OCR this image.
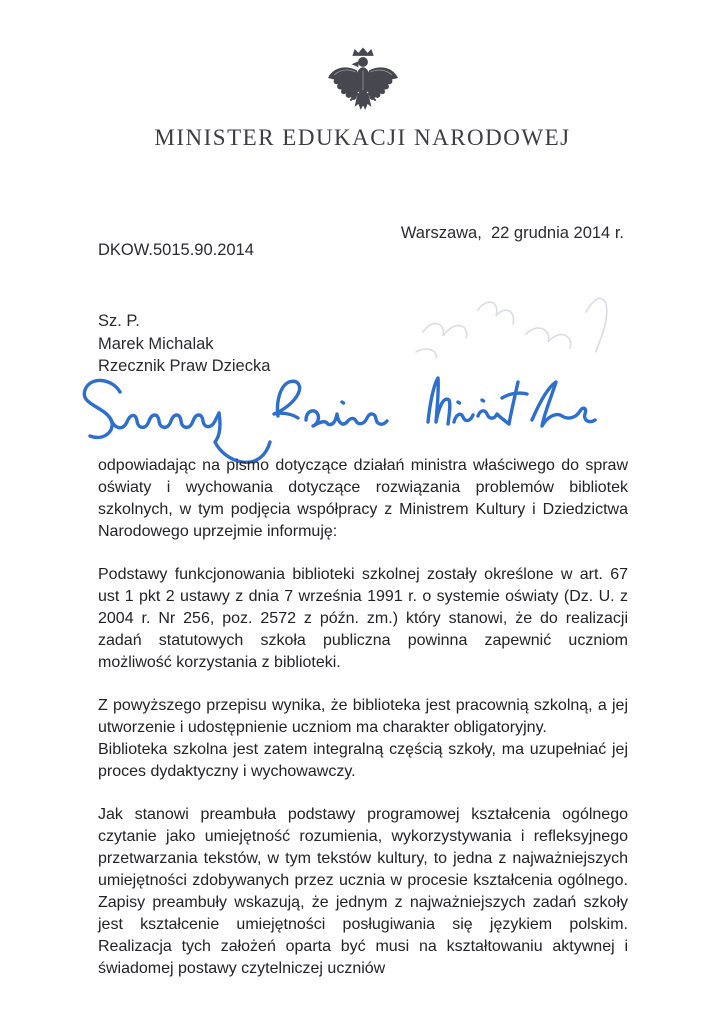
MINISTER EDUKACJI NARODOWEJ
Warszawa,  22 grudnia 2014 r.
DKOW.5015.90.2014
Sz. P.
Marek Michalak
Rzecznik Praw Dziecka

odpowiadając na pismo dotyczące działań ministra właściwego do spraw oświaty i wychowania dotyczące rozwiązania problemów bibliotek szkolnych, w tym podjęcia współpracy z Ministrem Kultury i Dziedzictwa Narodowego uprzejmie informuję:

Podstawy funkcjonowania biblioteki szkolnej zostały określone w art. 67 ust 1 pkt 2 ustawy z dnia 7 września 1991 r. o systemie oświaty (Dz. U. z 2004 r. Nr 256, poz. 2572 z późn. zm.) który stanowi, że do realizacji zadań statutowych szkoła publiczna powinna zapewnić uczniom możliwość korzystania z biblioteki.

Z powyższego przepisu wynika, że biblioteka jest pracownią szkolną, a jej utworzenie i udostępnienie uczniom ma charakter obligatoryjny.

Biblioteka szkolna jest zatem integralną częścią szkoły, ma uzupełniać jej proces dydaktyczny i wychowawczy.

Jak stanowi preambuła podstawy programowej kształcenia ogólnego czytanie jako umiejętność rozumienia, wykorzystywania i refleksyjnego przetwarzania tekstów, w tym tekstów kultury, to jedna z najważniejszych umiejętności zdobywanych przez ucznia w procesie kształcenia ogólnego. Zapisy preambuły wskazują, że jednym z najważniejszych zadań szkoły jest kształcenie umiejętności posługiwania się językiem polskim. Realizacja tych założeń oparta być musi na kształtowaniu aktywnej i świadomej postawy czytelniczej uczniów
